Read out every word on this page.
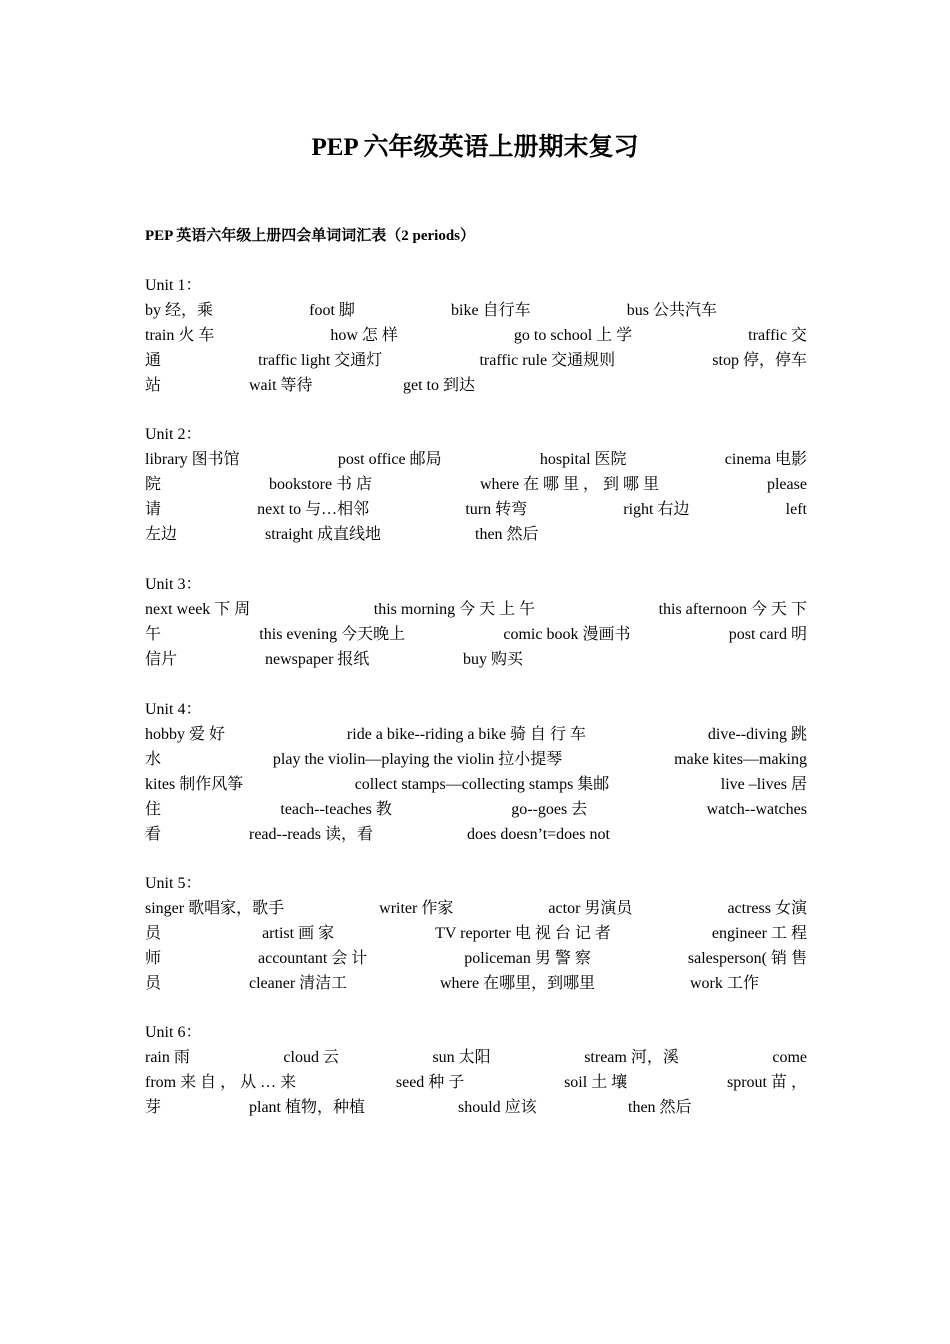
PEP 六年级英语上册期末复习
PEP 英语六年级上册四会单词词汇表（2 periods）
Unit 1：
by 经，乘	foot 脚	bike 自行车	bus 公共汽车
train 火 车	how 怎 样	go to school 上 学	traffic 交
通	traffic light 交通灯	traffic rule 交通规则	stop 停，停车
站	wait 等待	get to 到达
Unit 2：
library 图书馆	post office 邮局	hospital 医院	cinema 电影
院	bookstore 书 店	where 在 哪 里 ， 到 哪 里	please
请	next to 与…相邻	turn 转弯	right 右边	left
左边	straight 成直线地	then 然后
Unit 3：
next week 下 周	this morning 今 天 上 午	this afternoon 今 天 下
午	this evening 今天晚上	comic book 漫画书	post card 明
信片	newspaper 报纸	buy 购买
Unit 4：
hobby 爱 好	ride a bike--riding a bike 骑 自 行 车	dive--diving 跳
水	play the violin—playing the violin 拉小提琴	make kites—making
kites 制作风筝	collect stamps—collecting stamps 集邮	live –lives 居
住	teach--teaches 教	go--goes 去	watch--watches
看	read--reads 读，看	does doesn’t=does not
Unit 5：
singer 歌唱家，歌手	writer 作家	actor 男演员	actress 女演
员	artist 画 家	TV reporter 电 视 台 记 者	engineer 工 程
师	accountant 会 计	policeman 男 警 察	salesperson( 销 售
员	cleaner 清洁工	where 在哪里，到哪里	work 工作
Unit 6：
rain 雨	cloud 云	sun 太阳	stream 河，溪	come
from 来 自 ， 从 … 来	seed 种 子	soil 土 壤	sprout 苗 ，
芽	plant 植物，种植	should 应该	then 然后
